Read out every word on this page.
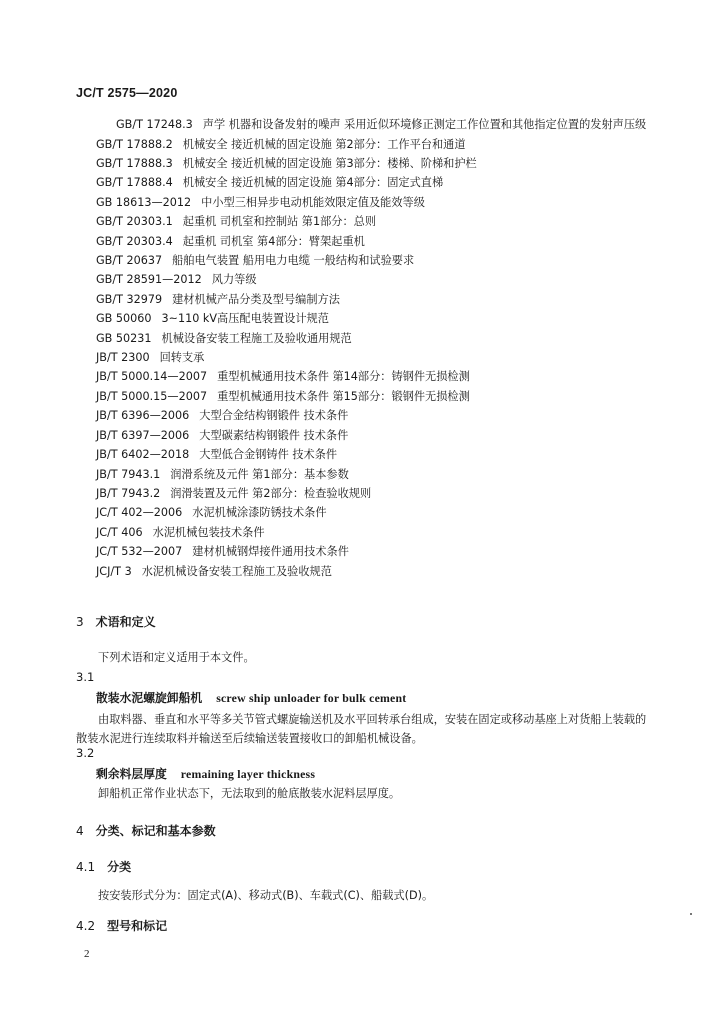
JC/T 2575—2020
GB/T 17248.3 声学 机器和设备发射的噪声 采用近似环境修正测定工作位置和其他指定位置的发射声压级
GB/T 17888.2 机械安全 接近机械的固定设施 第2部分：工作平台和通道
GB/T 17888.3 机械安全 接近机械的固定设施 第3部分：楼梯、阶梯和护栏
GB/T 17888.4 机械安全 接近机械的固定设施 第4部分：固定式直梯
GB 18613—2012 中小型三相异步电动机能效限定值及能效等级
GB/T 20303.1 起重机 司机室和控制站 第1部分：总则
GB/T 20303.4 起重机 司机室 第4部分：臂架起重机
GB/T 20637 船舶电气装置 船用电力电缆 一般结构和试验要求
GB/T 28591—2012 风力等级
GB/T 32979 建材机械产品分类及型号编制方法
GB 50060 3~110 kV高压配电装置设计规范
GB 50231 机械设备安装工程施工及验收通用规范
JB/T 2300 回转支承
JB/T 5000.14—2007 重型机械通用技术条件 第14部分：铸钢件无损检测
JB/T 5000.15—2007 重型机械通用技术条件 第15部分：锻钢件无损检测
JB/T 6396—2006 大型合金结构钢锻件 技术条件
JB/T 6397—2006 大型碳素结构钢锻件 技术条件
JB/T 6402—2018 大型低合金钢铸件 技术条件
JB/T 7943.1 润滑系统及元件 第1部分：基本参数
JB/T 7943.2 润滑装置及元件 第2部分：检查验收规则
JC/T 402—2006 水泥机械涂漆防锈技术条件
JC/T 406 水泥机械包装技术条件
JC/T 532—2007 建材机械钢焊接件通用技术条件
JCJ/T 3 水泥机械设备安装工程施工及验收规范
3 术语和定义
下列术语和定义适用于本文件。
3.1
散装水泥螺旋卸船机 screw ship unloader for bulk cement
由取料器、垂直和水平等多关节管式螺旋输送机及水平回转承台组成，安装在固定或移动基座上对货船上装载的散装水泥进行连续取料并输送至后续输送装置接收口的卸船机械设备。
3.2
剩余料层厚度 remaining layer thickness
卸船机正常作业状态下，无法取到的舱底散装水泥料层厚度。
4 分类、标记和基本参数
4.1 分类
按安装形式分为：固定式(A)、移动式(B)、车载式(C)、船载式(D)。
4.2 型号和标记
2
